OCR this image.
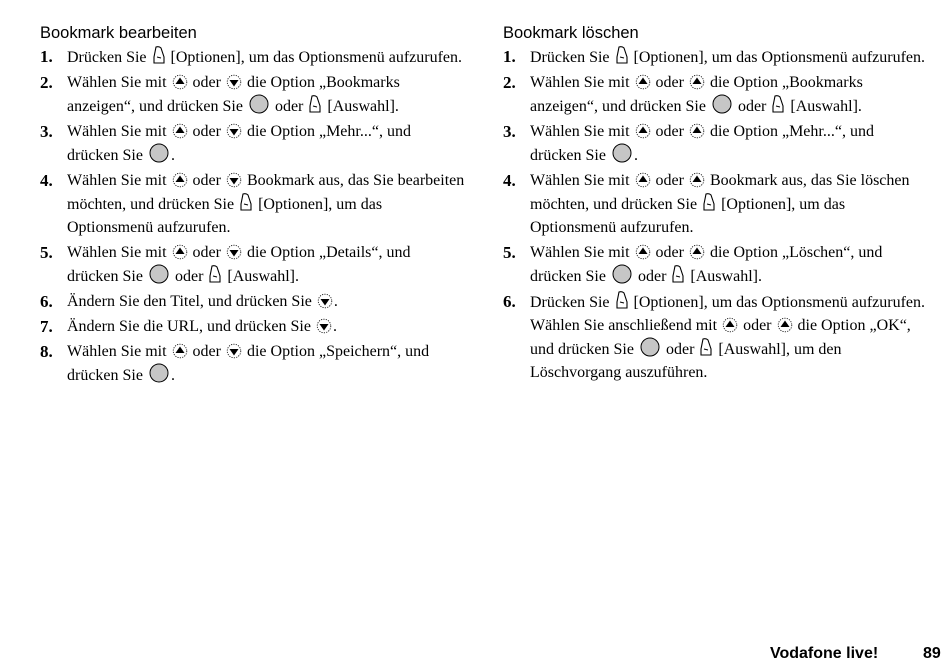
Bookmark bearbeiten
1. Drücken Sie
[Optionen], um das Optionsmenü aufzurufen.
2. Wählen Sie mit
oder
die Option „Bookmarks anzeigen“, und drücken Sie
oder
[Auswahl].
3. Wählen Sie mit
oder
die Option „Mehr...“, und drücken Sie
.
4. Wählen Sie mit
oder
Bookmark aus, das Sie bearbeiten möchten, und drücken Sie
[Optionen], um das Optionsmenü aufzurufen.
5. Wählen Sie mit
oder
die Option „Details“, und drücken Sie
oder
[Auswahl].
6. Ändern Sie den Titel, und drücken Sie
.
7. Ändern Sie die URL, und drücken Sie
.
8. Wählen Sie mit
oder
die Option „Speichern“, und drücken Sie
.
Bookmark löschen
1. Drücken Sie
[Optionen], um das Optionsmenü aufzurufen.
2. Wählen Sie mit
oder
die Option „Bookmarks anzeigen“, und drücken Sie
oder
[Auswahl].
3. Wählen Sie mit
oder
die Option „Mehr...“, und drücken Sie
.
4. Wählen Sie mit
oder
Bookmark aus, das Sie löschen möchten, und drücken Sie
[Optionen], um das Optionsmenü aufzurufen.
5. Wählen Sie mit
oder
die Option „Löschen“, und drücken Sie
oder
[Auswahl].
6. Drücken Sie
[Optionen], um das Optionsmenü aufzurufen. Wählen Sie anschließend mit
oder
die Option „OK“, und drücken Sie
oder
[Auswahl], um den Löschvorgang auszuführen.
Vodafone live!	89
